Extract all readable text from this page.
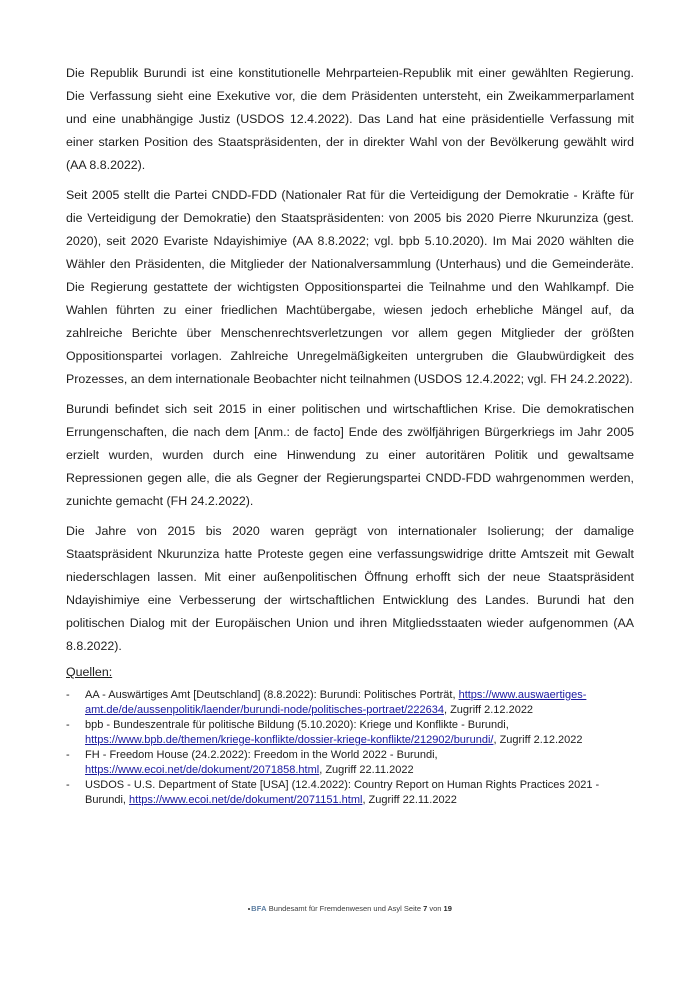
Die Republik Burundi ist eine konstitutionelle Mehrparteien-Republik mit einer gewählten Regierung. Die Verfassung sieht eine Exekutive vor, die dem Präsidenten untersteht, ein Zweikammerparlament und eine unabhängige Justiz (USDOS 12.4.2022). Das Land hat eine präsidentielle Verfassung mit einer starken Position des Staatspräsidenten, der in direkter Wahl von der Bevölkerung gewählt wird (AA 8.8.2022).

Seit 2005 stellt die Partei CNDD-FDD (Nationaler Rat für die Verteidigung der Demokratie - Kräfte für die Verteidigung der Demokratie) den Staatspräsidenten: von 2005 bis 2020 Pierre Nkurunziza (gest. 2020), seit 2020 Evariste Ndayishimiye (AA 8.8.2022; vgl. bpb 5.10.2020). Im Mai 2020 wählten die Wähler den Präsidenten, die Mitglieder der Nationalversammlung (Unterhaus) und die Gemeinderäte. Die Regierung gestattete der wichtigsten Oppositionspartei die Teilnahme und den Wahlkampf. Die Wahlen führten zu einer friedlichen Machtübergabe, wiesen jedoch erhebliche Mängel auf, da zahlreiche Berichte über Menschenrechtsverletzungen vor allem gegen Mitglieder der größten Oppositionspartei vorlagen. Zahlreiche Unregelmäßigkeiten untergruben die Glaubwürdigkeit des Prozesses, an dem internationale Beobachter nicht teilnahmen (USDOS 12.4.2022; vgl. FH 24.2.2022).

Burundi befindet sich seit 2015 in einer politischen und wirtschaftlichen Krise. Die demokratischen Errungenschaften, die nach dem [Anm.: de facto] Ende des zwölfjährigen Bürgerkriegs im Jahr 2005 erzielt wurden, wurden durch eine Hinwendung zu einer autoritären Politik und gewaltsame Repressionen gegen alle, die als Gegner der Regierungspartei CNDD-FDD wahrgenommen werden, zunichte gemacht (FH 24.2.2022).

Die Jahre von 2015 bis 2020 waren geprägt von internationaler Isolierung; der damalige Staatspräsident Nkurunziza hatte Proteste gegen eine verfassungswidrige dritte Amtszeit mit Gewalt niederschlagen lassen. Mit einer außenpolitischen Öffnung erhofft sich der neue Staatspräsident Ndayishimiye eine Verbesserung der wirtschaftlichen Entwicklung des Landes. Burundi hat den politischen Dialog mit der Europäischen Union und ihren Mitgliedsstaaten wieder aufgenommen (AA 8.8.2022).

Quellen:
- AA - Auswärtiges Amt [Deutschland] (8.8.2022): Burundi: Politisches Porträt, https://www.auswaertiges-amt.de/de/aussenpolitik/laender/burundi-node/politisches-portraet/222634, Zugriff 2.12.2022
- bpb - Bundeszentrale für politische Bildung (5.10.2020): Kriege und Konflikte - Burundi, https://www.bpb.de/themen/kriege-konflikte/dossier-kriege-konflikte/212902/burundi/, Zugriff 2.12.2022
- FH - Freedom House (24.2.2022): Freedom in the World 2022 - Burundi, https://www.ecoi.net/de/dokument/2071858.html, Zugriff 22.11.2022
- USDOS - U.S. Department of State [USA] (12.4.2022): Country Report on Human Rights Practices 2021 - Burundi, https://www.ecoi.net/de/dokument/2071151.html, Zugriff 22.11.2022
BFA Bundesamt für Fremdenwesen und Asyl Seite 7 von 19
